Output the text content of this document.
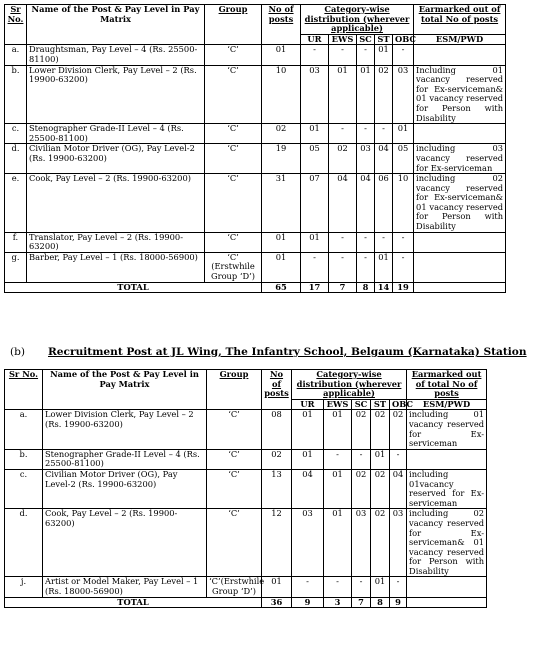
Sr No.	Name of the Post & Pay Level in Pay Matrix	Group	No of posts	Category-wise distribution (wherever applicable)					Earmarked out of total No of posts
				UR	EWS	SC	ST	OBC	ESM/PWD
a.	Draughtsman, Pay Level – 4 (Rs. 25500-81100)	‘C’	01	-	-	-	01	-	
b.	Lower Division Clerk, Pay Level – 2 (Rs. 19900-63200)	‘C’	10	03	01	01	02	03	Including 01 vacancy reserved for Ex-serviceman& 01 vacancy reserved for Person with Disability
c.	Stenographer Grade-II Level – 4 (Rs. 25500-81100)	‘C’	02	01	-	-	-	01	
d.	Civilian Motor Driver (OG), Pay Level-2 (Rs. 19900-63200)	‘C’	19	05	02	03	04	05	including 03 vacancy reserved for Ex-serviceman
e.	Cook, Pay Level – 2 (Rs. 19900-63200)	‘C’	31	07	04	04	06	10	including 02 vacancy reserved for Ex-serviceman& 01 vacancy reserved for Person with Disability
f.	Translator, Pay Level – 2 (Rs. 19900-63200)	‘C’	01	01	-	-	-	-	
g.	Barber, Pay Level – 1 (Rs. 18000-56900)	‘C’ (Erstwhile Group ‘D’)	01	-	-	-	01	-	
TOTAL			65	17	7	8	14	19	
(b) Recruitment Post at JL Wing, The Infantry School, Belgaum (Karnataka) Station
Sr No.	Name of the Post & Pay Level in Pay Matrix	Group	No of posts	Category-wise distribution (wherever applicable)					Earmarked out of total No of posts
				UR	EWS	SC	ST	OBC	ESM/PWD
a.	Lower Division Clerk, Pay Level – 2 (Rs. 19900-63200)	‘C’	08	01	01	02	02	02	including 01 vacancy reserved for Ex-serviceman
b.	Stenographer Grade-II Level – 4 (Rs. 25500-81100)	‘C’	02	01	-	-	01	-	
c.	Civilian Motor Driver (OG), Pay Level-2 (Rs. 19900-63200)	‘C’	13	04	01	02	02	04	including 01vacancy reserved for Ex-serviceman
d.	Cook, Pay Level – 2 (Rs. 19900-63200)	‘C’	12	03	01	03	02	03	including 02 vacancy reserved for Ex-serviceman& 01 vacancy reserved for Person with Disability
j.	Artist or Model Maker, Pay Level – 1 (Rs. 18000-56900)	‘C’(Erstwhile Group ‘D’)	01	-	-	-	01	-	
TOTAL			36	9	3	7	8	9	
